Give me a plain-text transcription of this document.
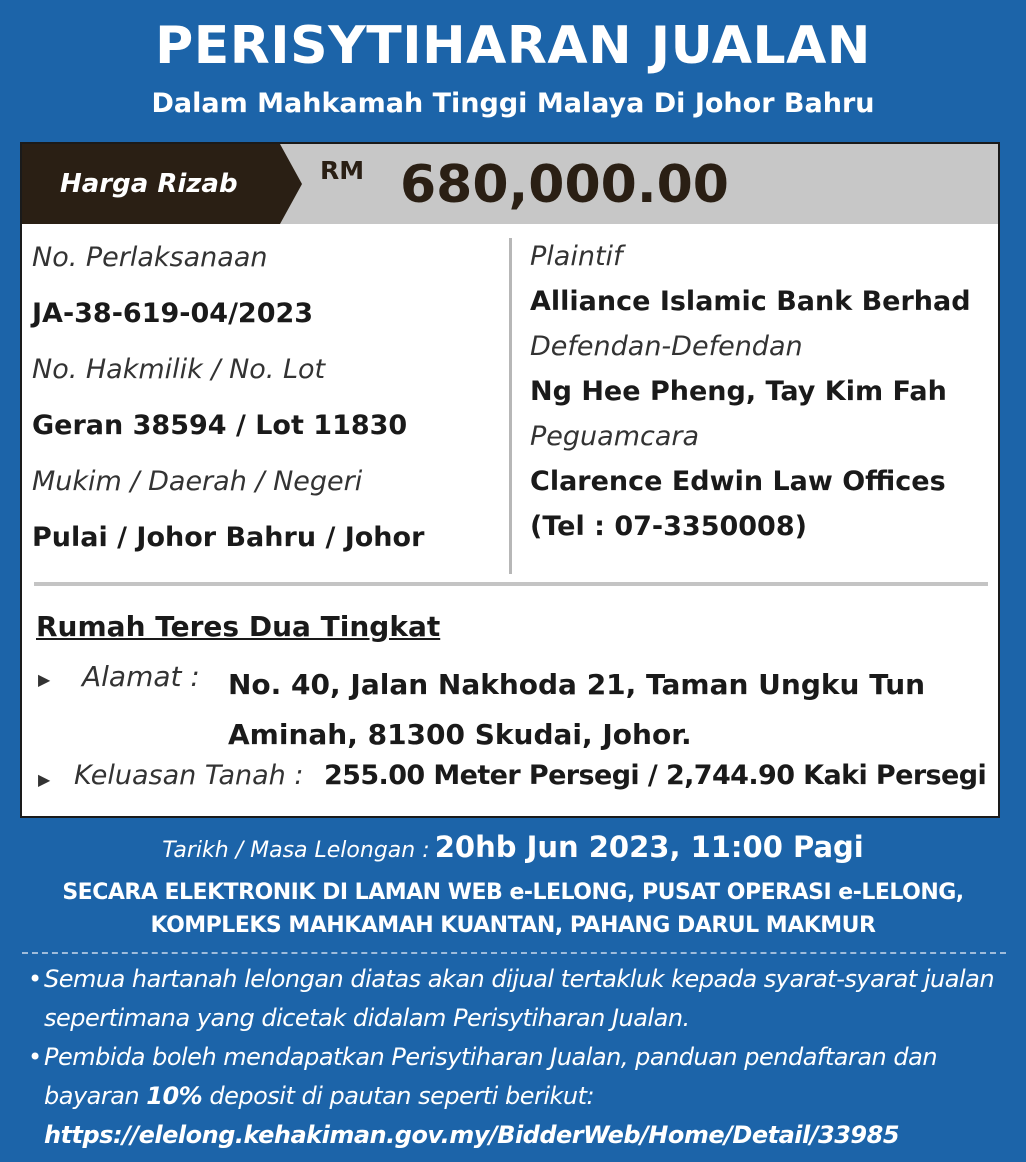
PERISYTIHARAN JUALAN
Dalam Mahkamah Tinggi Malaya Di Johor Bahru
Harga Rizab	RM 680,000.00
No. Perlaksanaan
JA-38-619-04/2023
No. Hakmilik / No. Lot
Geran 38594 / Lot 11830
Mukim / Daerah / Negeri
Pulai / Johor Bahru / Johor
Plaintif
Alliance Islamic Bank Berhad
Defendan-Defendan
Ng Hee Pheng, Tay Kim Fah
Peguamcara
Clarence Edwin Law Offices
(Tel : 07-3350008)
Rumah Teres Dua Tingkat
▶ Alamat : No. 40, Jalan Nakhoda 21, Taman Ungku Tun Aminah, 81300 Skudai, Johor.
▶ Keluasan Tanah : 255.00 Meter Persegi / 2,744.90 Kaki Persegi
Tarikh / Masa Lelongan : 20hb Jun 2023, 11:00 Pagi
SECARA ELEKTRONIK DI LAMAN WEB e-LELONG, PUSAT OPERASI e-LELONG,
KOMPLEKS MAHKAMAH KUANTAN, PAHANG DARUL MAKMUR
• Semua hartanah lelongan diatas akan dijual tertakluk kepada syarat-syarat jualan sepertimana yang dicetak didalam Perisytiharan Jualan.
• Pembida boleh mendapatkan Perisytiharan Jualan, panduan pendaftaran dan bayaran 10% deposit di pautan seperti berikut:
https://elelong.kehakiman.gov.my/BidderWeb/Home/Detail/33985
